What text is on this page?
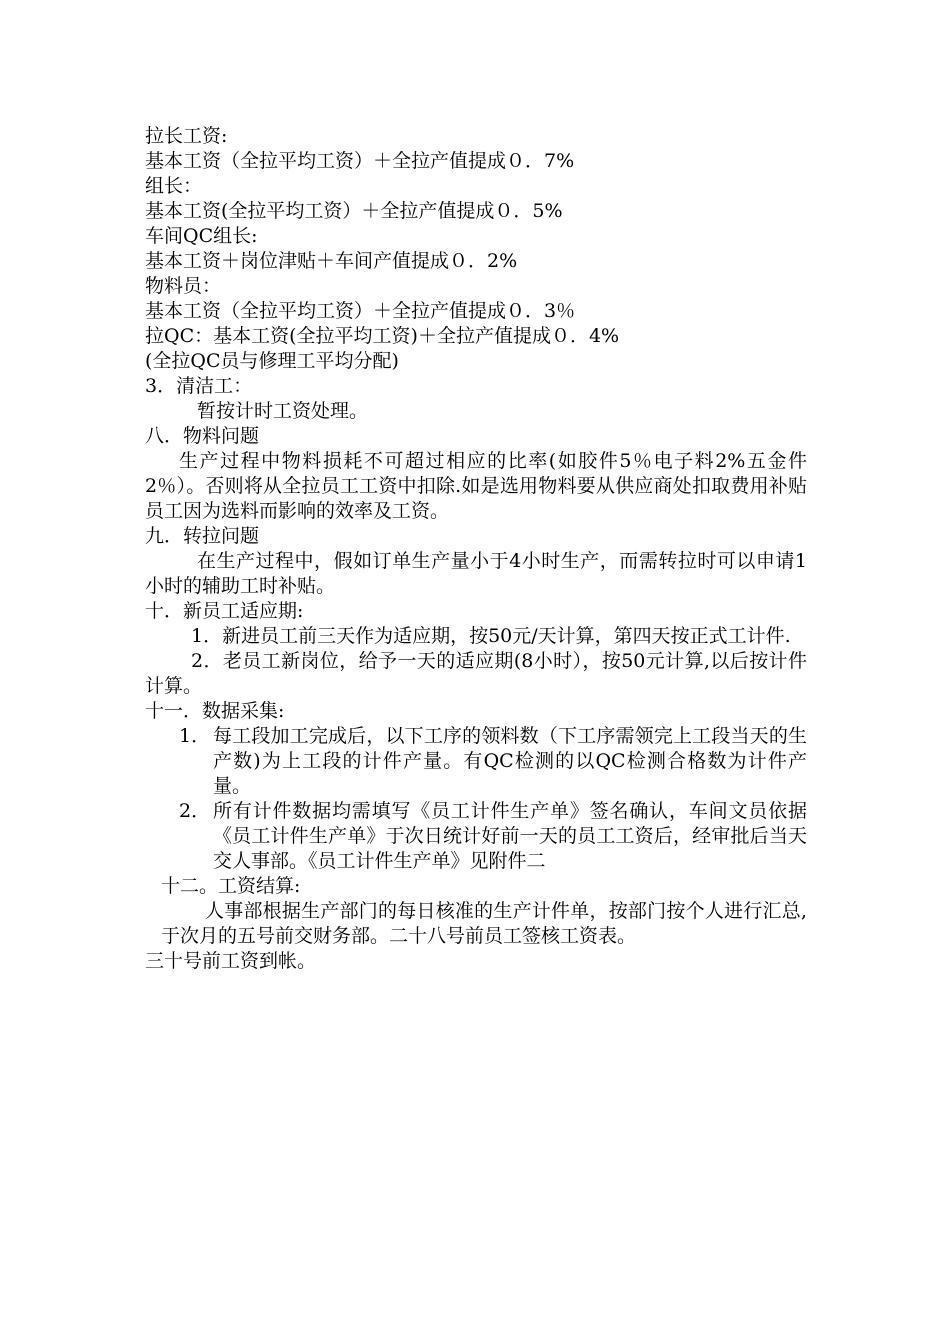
拉长工资:
基本工资（全拉平均工资）＋全拉产值提成０．7%
组长：
基本工资(全拉平均工资）＋全拉产值提成０．5%
车间QC组长:
基本工资＋岗位津贴＋车间产值提成０．2%
物料员：
基本工资（全拉平均工资）＋全拉产值提成０．3％
拉QC：基本工资(全拉平均工资)＋全拉产值提成０．4%
(全拉QC员与修理工平均分配)
3．清洁工：
暂按计时工资处理。
八．物料问题
生产过程中物料损耗不可超过相应的比率(如胶件5％电子料2%五金件2％）。否则将从全拉员工工资中扣除.如是选用物料要从供应商处扣取费用补贴员工因为选料而影响的效率及工资。
九．转拉问题
在生产过程中，假如订单生产量小于4小时生产，而需转拉时可以申请1小时的辅助工时补贴。
十．新员工适应期:
1．新进员工前三天作为适应期，按50元/天计算，第四天按正式工计件.
2．老员工新岗位，给予一天的适应期(8小时），按50元计算,以后按计件计算。
十一．数据采集:
1． 每工段加工完成后，以下工序的领料数（下工序需领完上工段当天的生产数)为上工段的计件产量。有QC检测的以QC检测合格数为计件产量。
2． 所有计件数据均需填写《员工计件生产单》签名确认，车间文员依据《员工计件生产单》于次日统计好前一天的员工工资后，经审批后当天交人事部。《员工计件生产单》见附件二
十二。工资结算:
人事部根据生产部门的每日核准的生产计件单，按部门按个人进行汇总,于次月的五号前交财务部。二十八号前员工签核工资表。
三十号前工资到帐。
